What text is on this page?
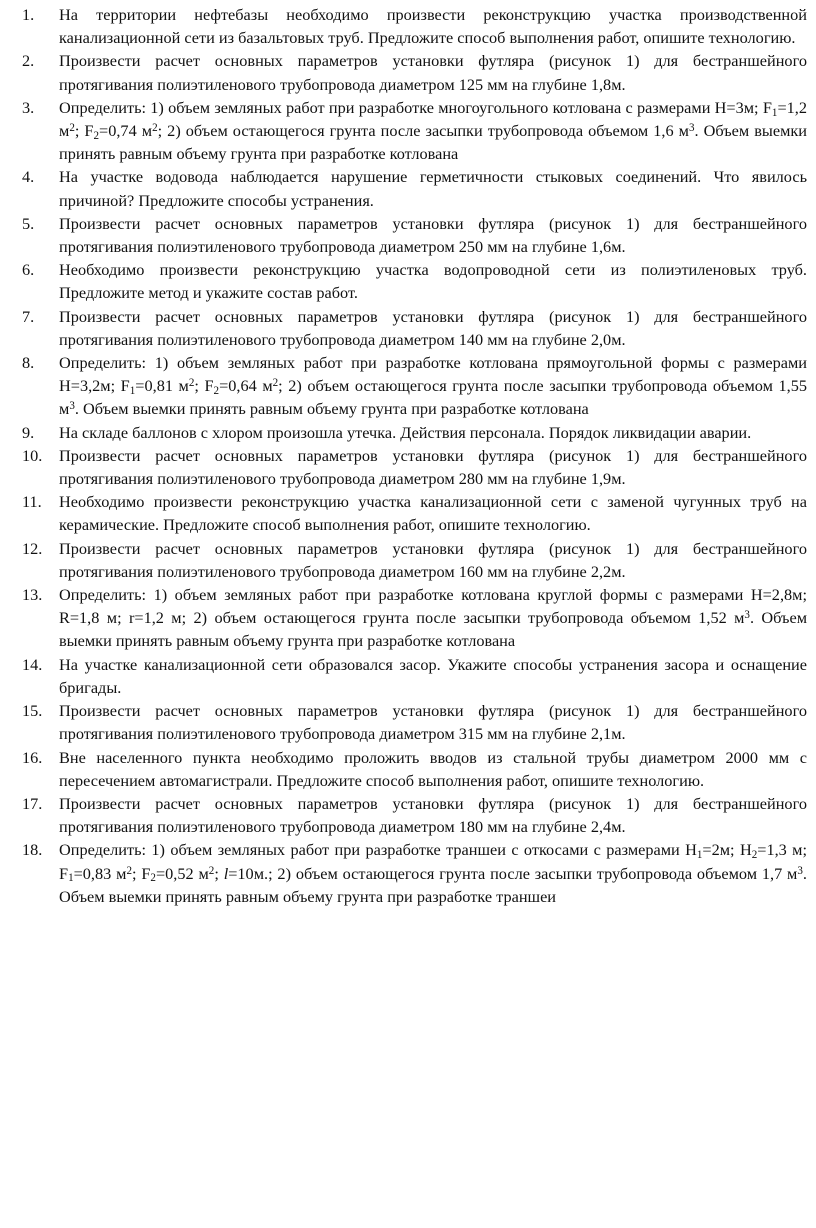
1.	На территории нефтебазы необходимо произвести реконструкцию участка производственной канализационной сети из базальтовых труб. Предложите способ выполнения работ, опишите технологию.
2.	Произвести расчет основных параметров установки футляра (рисунок 1) для бестраншейного протягивания полиэтиленового трубопровода диаметром 125 мм на глубине 1,8м.
3.	Определить: 1) объем земляных работ при разработке многоугольного котлована с размерами H=3м; $F_1=1,2$ $м^2$; $F_2=0,74$ $м^2$; 2) объем остающегося грунта после засыпки трубопровода объемом 1,6 $м^3$. Объем выемки принять равным объему грунта при разработке котлована
4.	На участке водовода наблюдается нарушение герметичности стыковых соединений. Что явилось причиной? Предложите способы устранения.
5.	Произвести расчет основных параметров установки футляра (рисунок 1) для бестраншейного протягивания полиэтиленового трубопровода диаметром 250 мм на глубине 1,6м.
6.	Необходимо произвести реконструкцию участка водопроводной сети из полиэтиленовых труб. Предложите метод и укажите состав работ.
7.	Произвести расчет основных параметров установки футляра (рисунок 1) для бестраншейного протягивания полиэтиленового трубопровода диаметром 140 мм на глубине 2,0м.
8.	Определить: 1) объем земляных работ при разработке котлована прямоугольной формы с размерами H=3,2м; $F_1=0,81$ $м^2$; $F_2=0,64$ $м^2$; 2) объем остающегося грунта после засыпки трубопровода объемом 1,55 $м^3$. Объем выемки принять равным объему грунта при разработке котлована
9.	На складе баллонов с хлором произошла утечка. Действия персонала. Порядок ликвидации аварии.
10.	Произвести расчет основных параметров установки футляра (рисунок 1) для бестраншейного протягивания полиэтиленового трубопровода диаметром 280 мм на глубине 1,9м.
11.	Необходимо произвести реконструкцию участка канализационной сети с заменой чугунных труб на керамические. Предложите способ выполнения работ, опишите технологию.
12.	Произвести расчет основных параметров установки футляра (рисунок 1) для бестраншейного протягивания полиэтиленового трубопровода диаметром 160 мм на глубине 2,2м.
13.	Определить: 1) объем земляных работ при разработке котлована круглой формы с размерами H=2,8м; R=1,8 м; r=1,2 м; 2) объем остающегося грунта после засыпки трубопровода объемом 1,52 $м^3$. Объем выемки принять равным объему грунта при разработке котлована
14.	На участке канализационной сети образовался засор. Укажите способы устранения засора и оснащение бригады.
15.	Произвести расчет основных параметров установки футляра (рисунок 1) для бестраншейного протягивания полиэтиленового трубопровода диаметром 315 мм на глубине 2,1м.
16.	Вне населенного пункта необходимо проложить вводов из стальной трубы диаметром 2000 мм с пересечением автомагистрали. Предложите способ выполнения работ, опишите технологию.
17.	Произвести расчет основных параметров установки футляра (рисунок 1) для бестраншейного протягивания полиэтиленового трубопровода диаметром 180 мм на глубине 2,4м.
18.	Определить: 1) объем земляных работ при разработке траншеи с откосами с размерами $H_1=2м$; $H_2=1,3$ м; $F_1=0,83$ $м^2$; $F_2=0,52$ $м^2$; l=10м.; 2) объем остающегося грунта после засыпки трубопровода объемом 1,7 $м^3$. Объем выемки принять равным объему грунта при разработке траншеи
